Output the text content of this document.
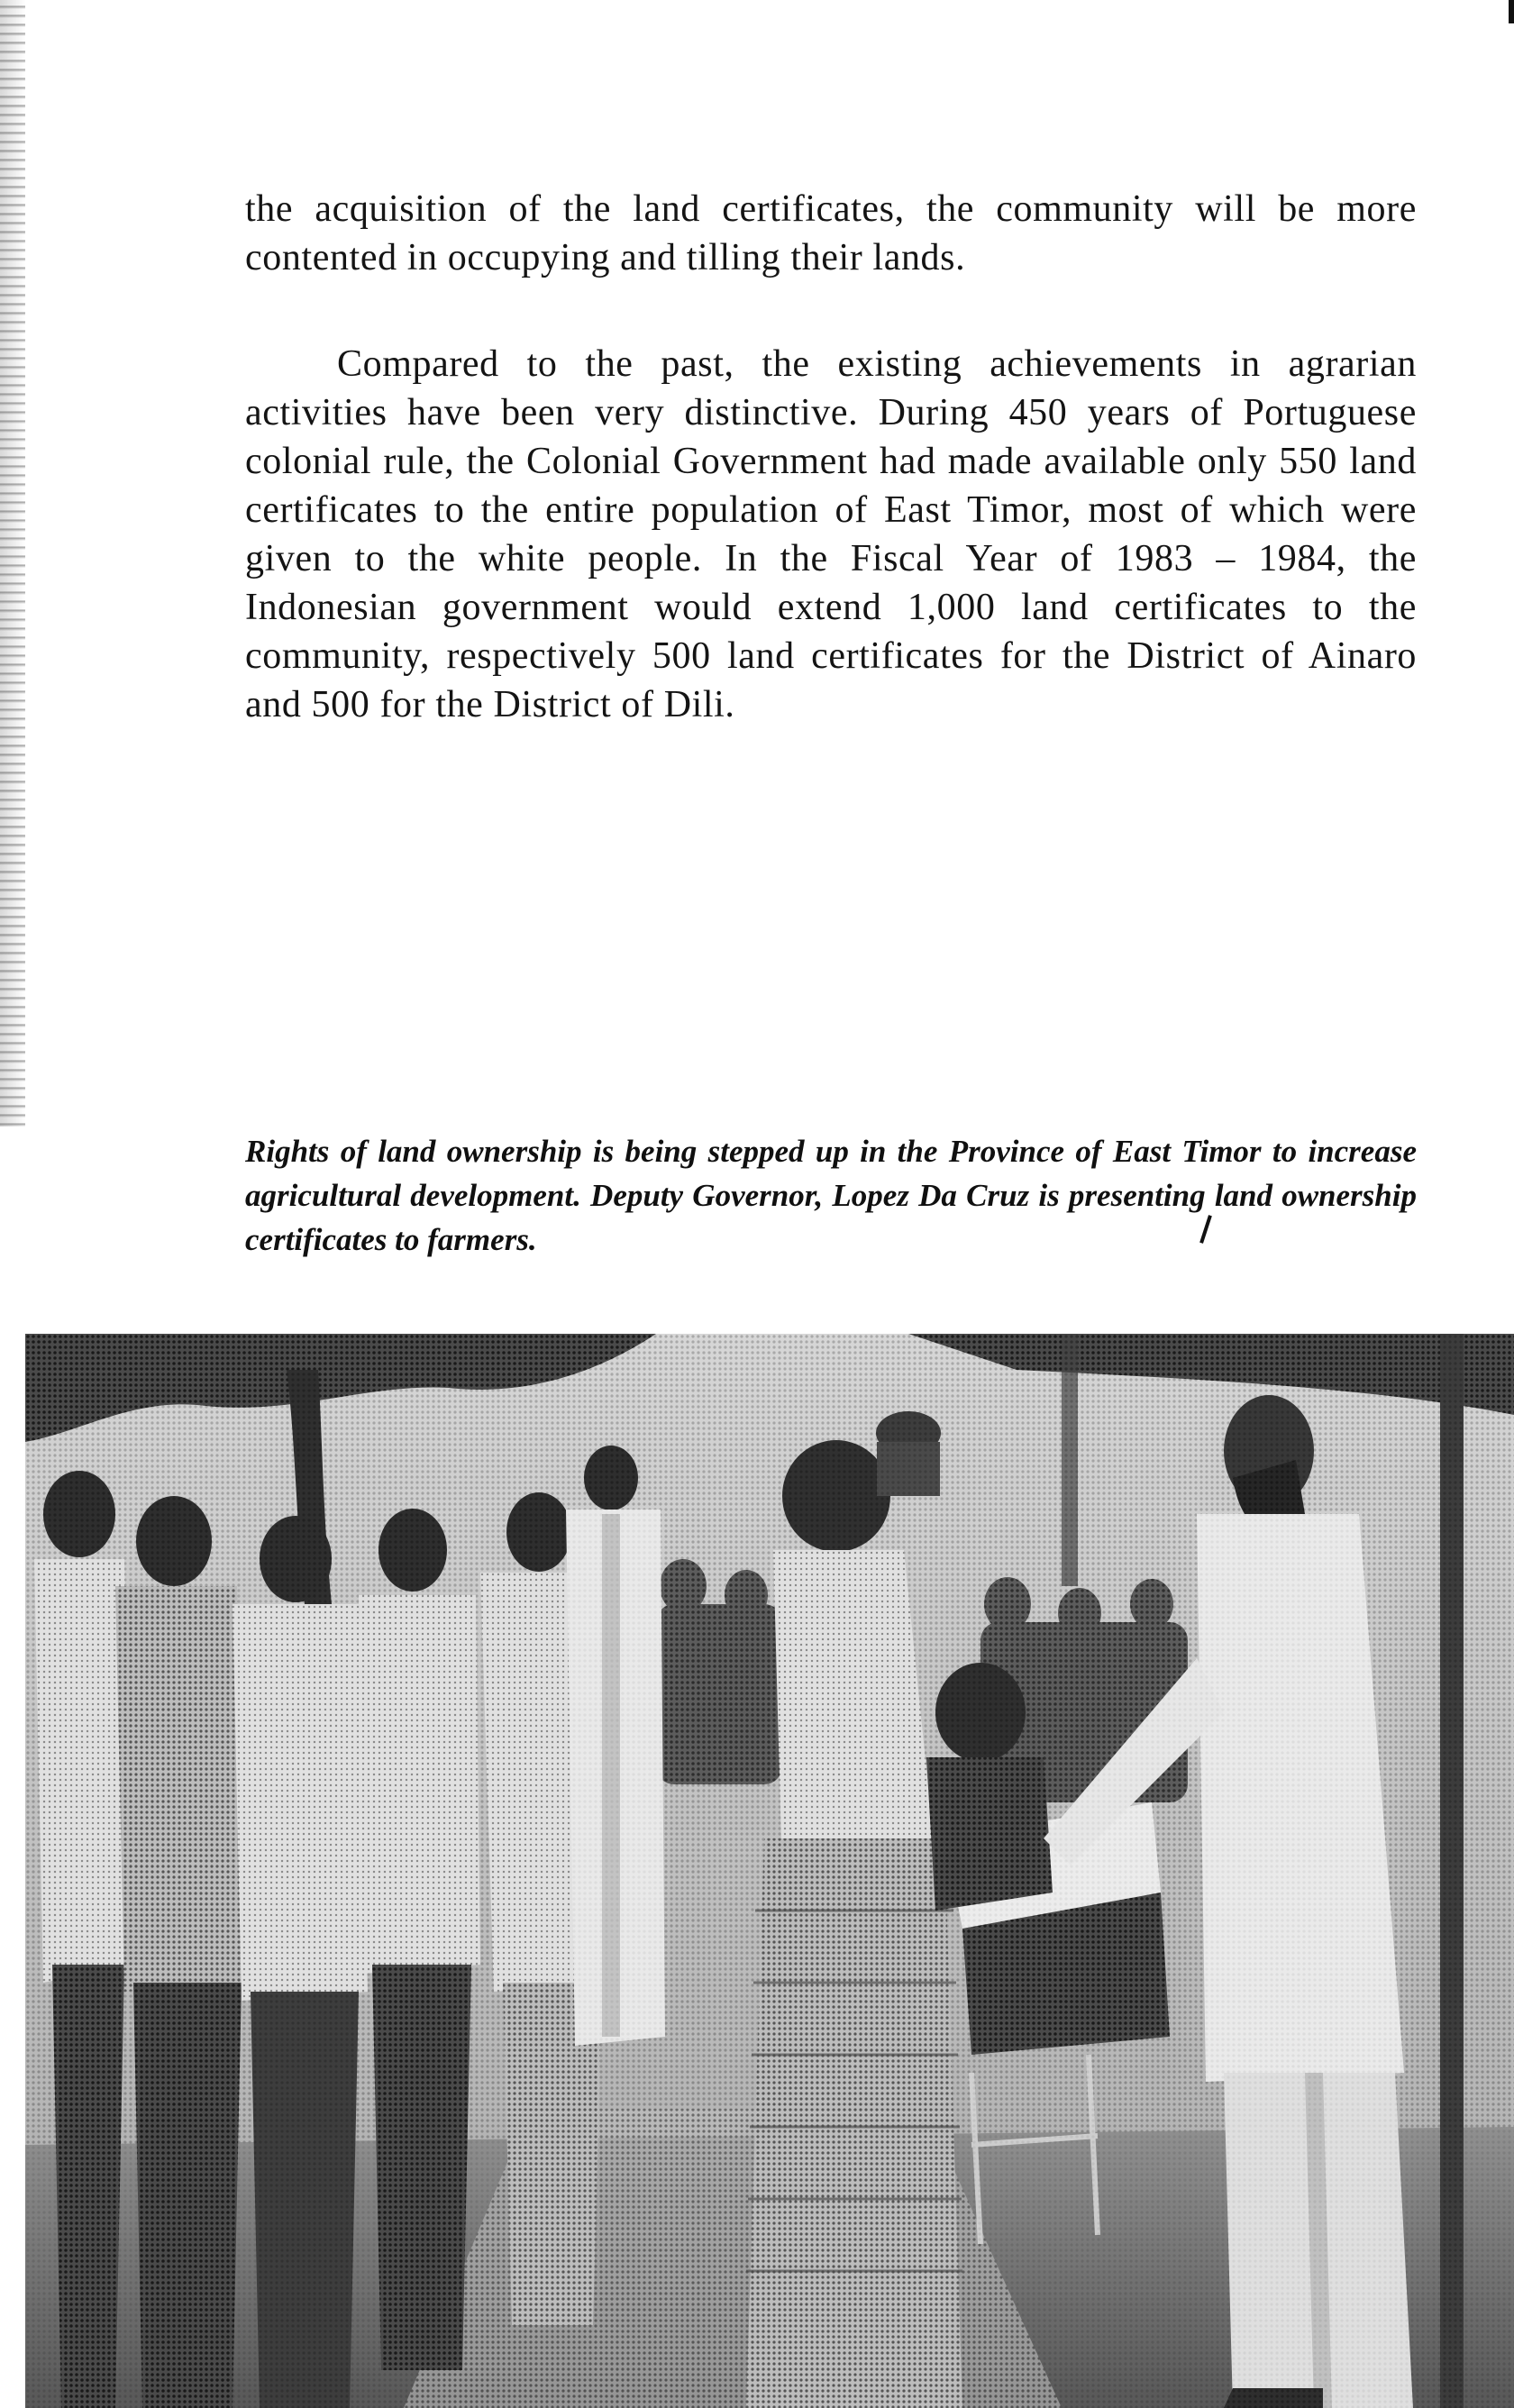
the acquisition of the land certificates, the community will be more contented in occupying and tilling their lands.

Compared to the past, the existing achievements in agrarian activities have been very distinctive. During 450 years of Portuguese colonial rule, the Colonial Government had made available only 550 land certificates to the entire population of East Timor, most of which were given to the white people. In the Fiscal Year of 1983 – 1984, the Indonesian government would extend 1,000 land certificates to the community, respectively 500 land certificates for the District of Ainaro and 500 for the District of Dili.

Rights of land ownership is being stepped up in the Province of East Timor to increase agricultural development. Deputy Governor, Lopez Da Cruz is presenting land ownership certificates to farmers.
